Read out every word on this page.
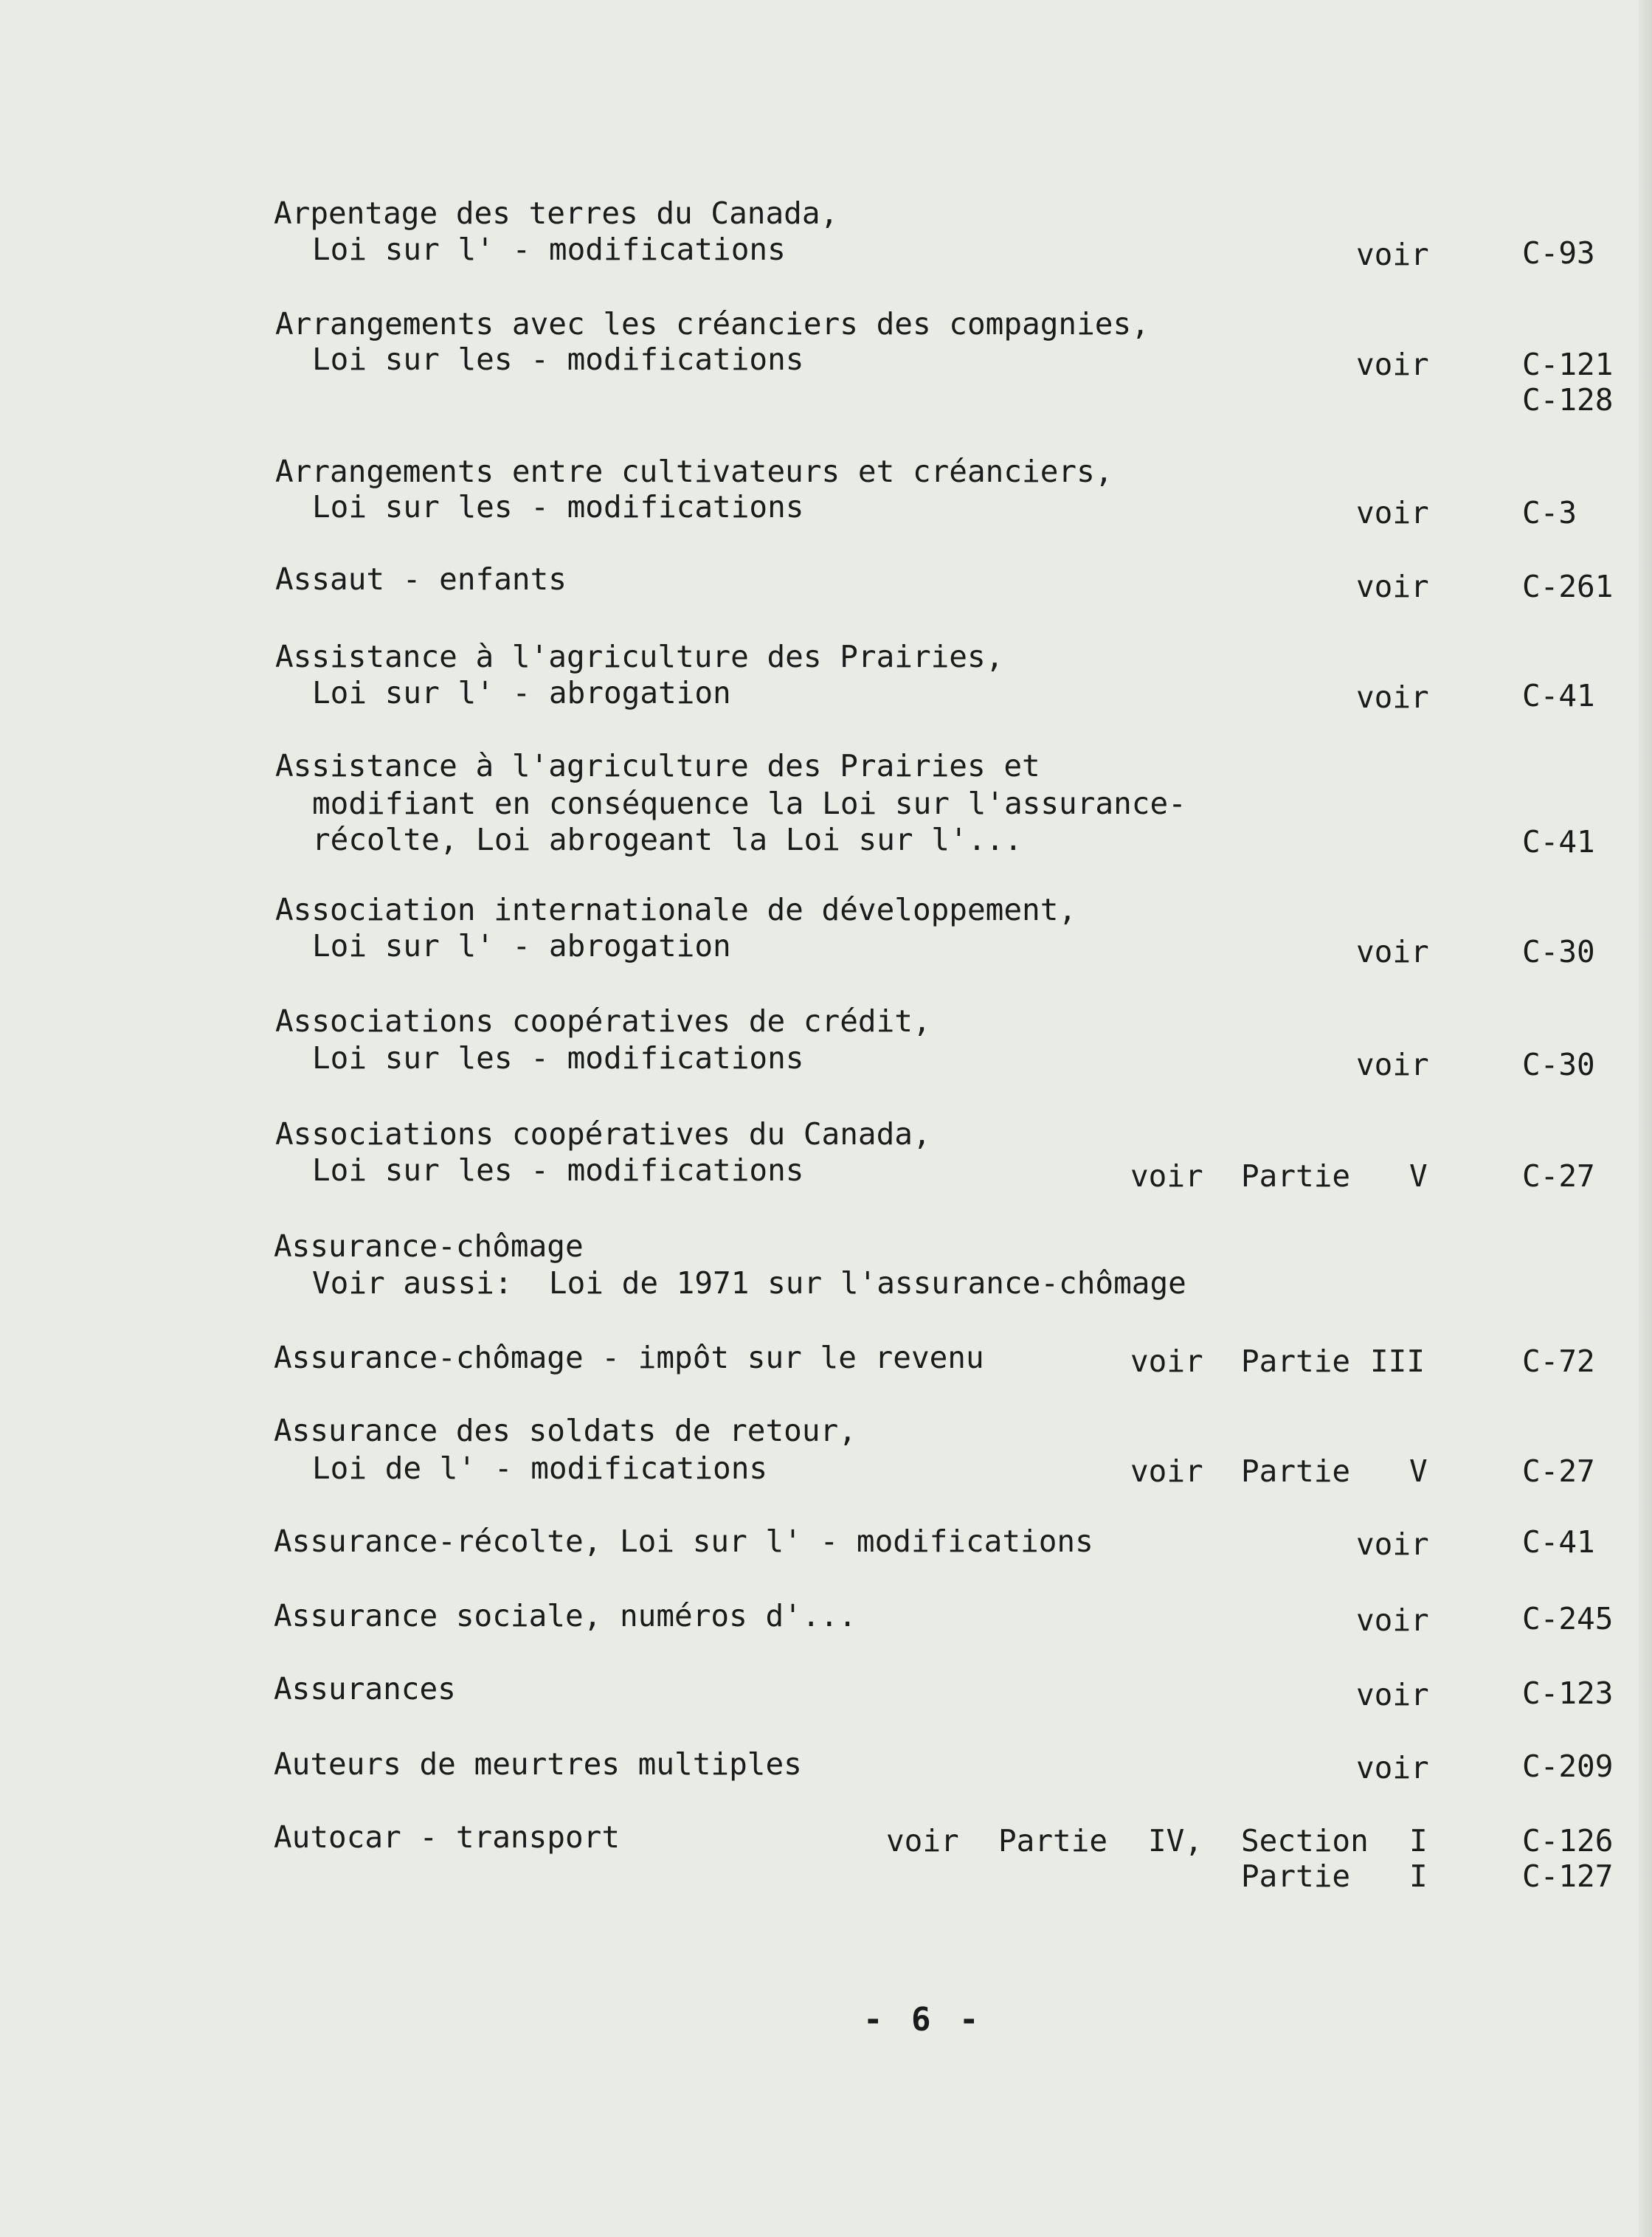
Arpentage des terres du Canada,
Loi sur l' - modifications	voir	C-93
Arrangements avec les créanciers des compagnies,
Loi sur les - modifications	voir	C-121
C-128
Arrangements entre cultivateurs et créanciers,
Loi sur les - modifications	voir	C-3
Assaut - enfants	voir	C-261
Assistance à l'agriculture des Prairies,
Loi sur l' - abrogation	voir	C-41
Assistance à l'agriculture des Prairies et
modifiant en conséquence la Loi sur l'assurance-
récolte, Loi abrogeant la Loi sur l'...	C-41
Association internationale de développement,
Loi sur l' - abrogation	voir	C-30
Associations coopératives de crédit,
Loi sur les - modifications	voir	C-30
Associations coopératives du Canada,
Loi sur les - modifications	voir Partie V	C-27
Assurance-chômage
Voir aussi:  Loi de 1971 sur l'assurance-chômage
Assurance-chômage - impôt sur le revenu	voir Partie III	C-72
Assurance des soldats de retour,
Loi de l' - modifications	voir Partie V	C-27
Assurance-récolte, Loi sur l' - modifications	voir	C-41
Assurance sociale, numéros d'...	voir	C-245
Assurances	voir	C-123
Auteurs de meurtres multiples	voir	C-209
Autocar - transport	voir Partie IV, Section I	C-126
Partie I	C-127
- 6 -
